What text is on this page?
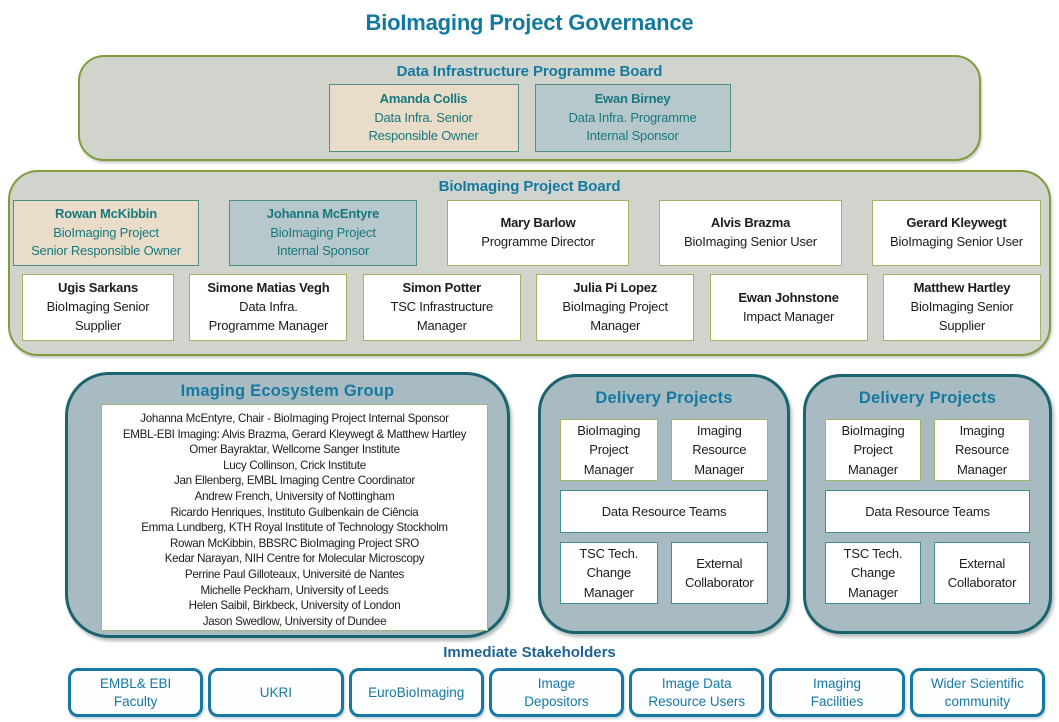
BioImaging Project Governance
Data Infrastructure Programme Board
Amanda Collis
Data Infra. Senior
Responsible Owner
Ewan Birney
Data Infra. Programme
Internal Sponsor
BioImaging Project Board
Rowan McKibbin
BioImaging Project
Senior Responsible Owner
Johanna McEntyre
BioImaging Project
Internal Sponsor
Mary Barlow
Programme Director
Alvis Brazma
BioImaging Senior User
Gerard Kleywegt
BioImaging Senior User
Ugis Sarkans
BioImaging Senior
Supplier
Simone Matias Vegh
Data Infra.
Programme Manager
Simon Potter
TSC Infrastructure
Manager
Julia Pi Lopez
BioImaging Project
Manager
Ewan Johnstone
Impact Manager
Matthew Hartley
BioImaging Senior
Supplier
Imaging Ecosystem Group
Johanna McEntyre, Chair - BioImaging Project Internal Sponsor
EMBL-EBI Imaging: Alvis Brazma, Gerard Kleywegt & Matthew Hartley
Omer Bayraktar, Wellcome Sanger Institute
Lucy Collinson, Crick Institute
Jan Ellenberg, EMBL Imaging Centre Coordinator
Andrew French, University of Nottingham
Ricardo Henriques, Instituto Gulbenkain de Ciência
Emma Lundberg, KTH Royal Institute of Technology Stockholm
Rowan McKibbin, BBSRC BioImaging Project SRO
Kedar Narayan, NIH Centre for Molecular Microscopy
Perrine Paul Gilloteaux, Université de Nantes
Michelle Peckham, University of Leeds
Helen Saibil, Birkbeck, University of London
Jason Swedlow, University of Dundee
Delivery Projects
BioImaging Project Manager
Imaging Resource Manager
Data Resource Teams
TSC Tech. Change Manager
External Collaborator
Delivery Projects
BioImaging Project Manager
Imaging Resource Manager
Data Resource Teams
TSC Tech. Change Manager
External Collaborator
Immediate Stakeholders
EMBL& EBI
Faculty
UKRI	EuroBioImaging
Image
Depositors
Image Data
Resource Users
Imaging
Facilities
Wider Scientific
community
